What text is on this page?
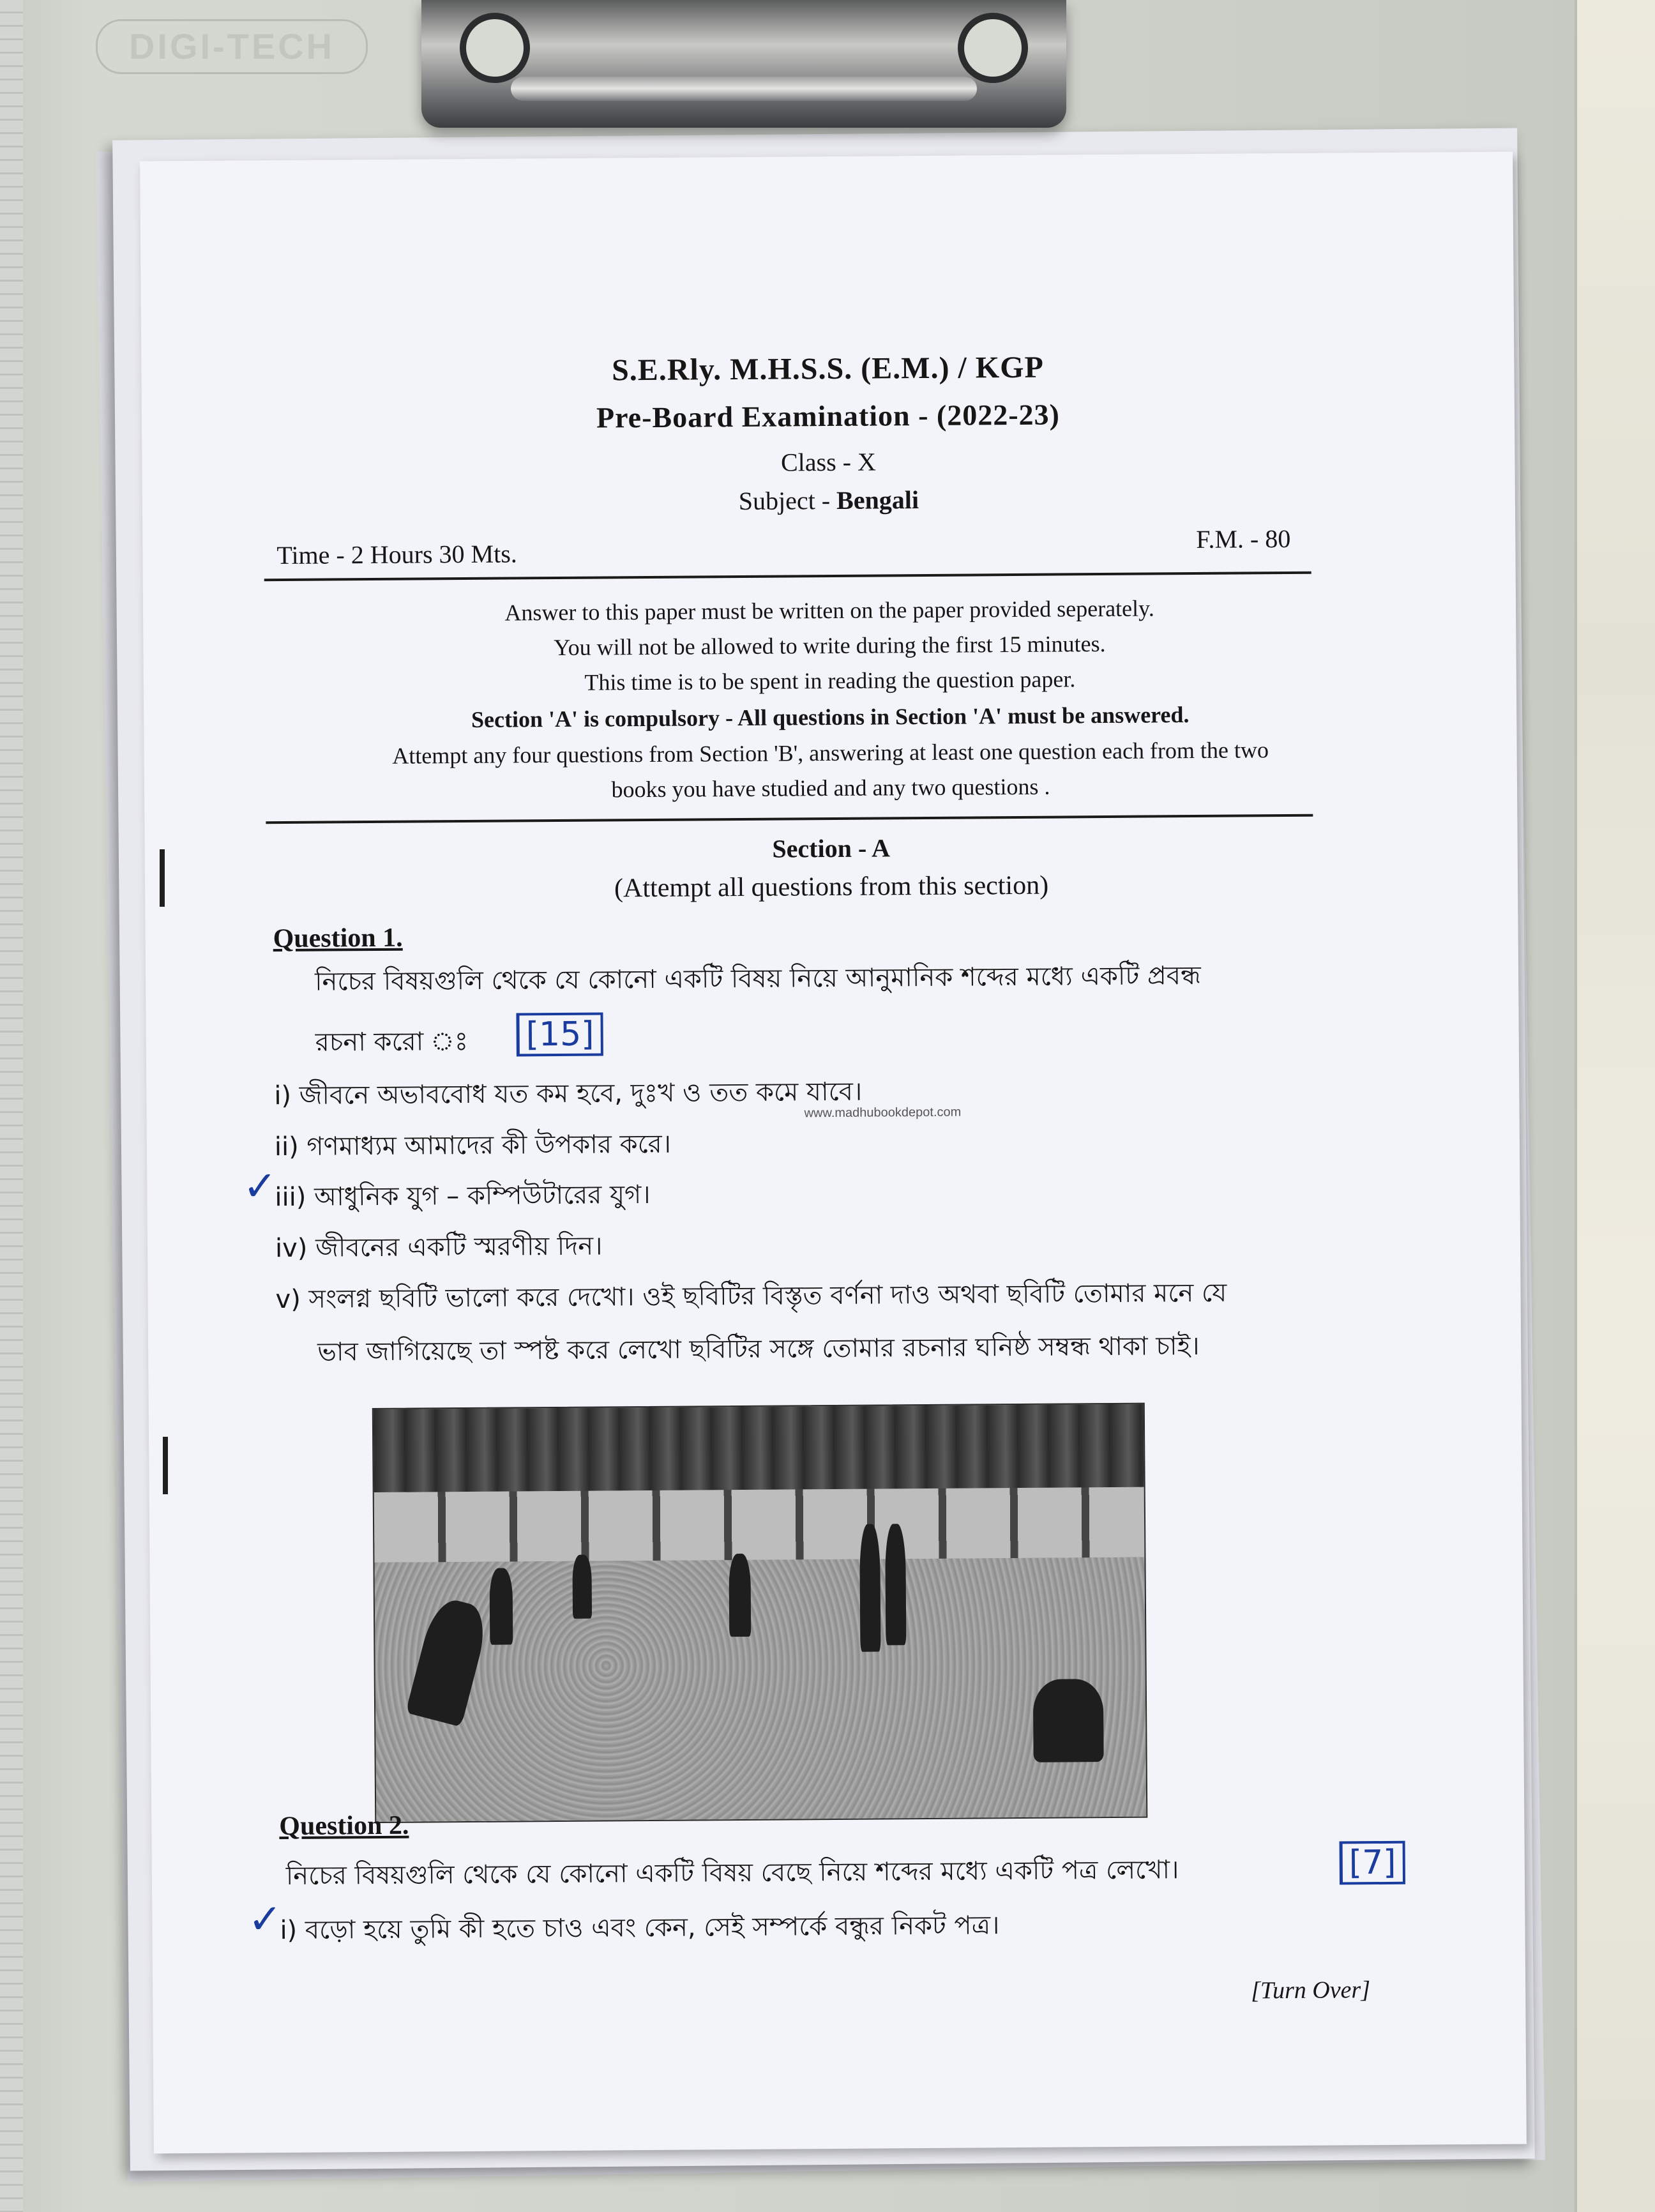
DIGI-TECH
S.E.Rly. M.H.S.S. (E.M.) / KGP
Pre-Board Examination - (2022-23)
Class - X
Subject - Bengali
Time - 2 Hours 30 Mts.
F.M. - 80
Answer to this paper must be written on the paper provided seperately.
You will not be allowed to write during the first 15 minutes.
This time is to be spent in reading the question paper.
Section 'A' is compulsory - All questions in Section 'A' must be answered.
Attempt any four questions from Section 'B', answering at least one question each from the two
books you have studied and any two questions .
Section - A
(Attempt all questions from this section)
Question 1.
নিচের বিষয়গুলি থেকে যে কোনো একটি বিষয় নিয়ে আনুমানিক শব্দের মধ্যে একটি প্রবন্ধ
রচনা করো ঃ [15]
i) জীবনে অভাববোধ যত কম হবে, দুঃখ ও তত কমে যাবে।
www.madhubookdepot.com
ii) গণমাধ্যম আমাদের কী উপকার করে।
✓
iii) আধুনিক যুগ – কম্পিউটারের যুগ।
iv) জীবনের একটি স্মরণীয় দিন।
v) সংলগ্ন ছবিটি ভালো করে দেখো। ওই ছবিটির বিস্তৃত বর্ণনা দাও অথবা ছবিটি তোমার মনে যে
ভাব জাগিয়েছে তা স্পষ্ট করে লেখো ছবিটির সঙ্গে তোমার রচনার ঘনিষ্ঠ সম্বন্ধ থাকা চাই।
Question 2.
নিচের বিষয়গুলি থেকে যে কোনো একটি বিষয় বেছে নিয়ে শব্দের মধ্যে একটি পত্র লেখো।	[7]
✓
i) বড়ো হয়ে তুমি কী হতে চাও এবং কেন, সেই সম্পর্কে বন্ধুর নিকট পত্র।
[Turn Over]
